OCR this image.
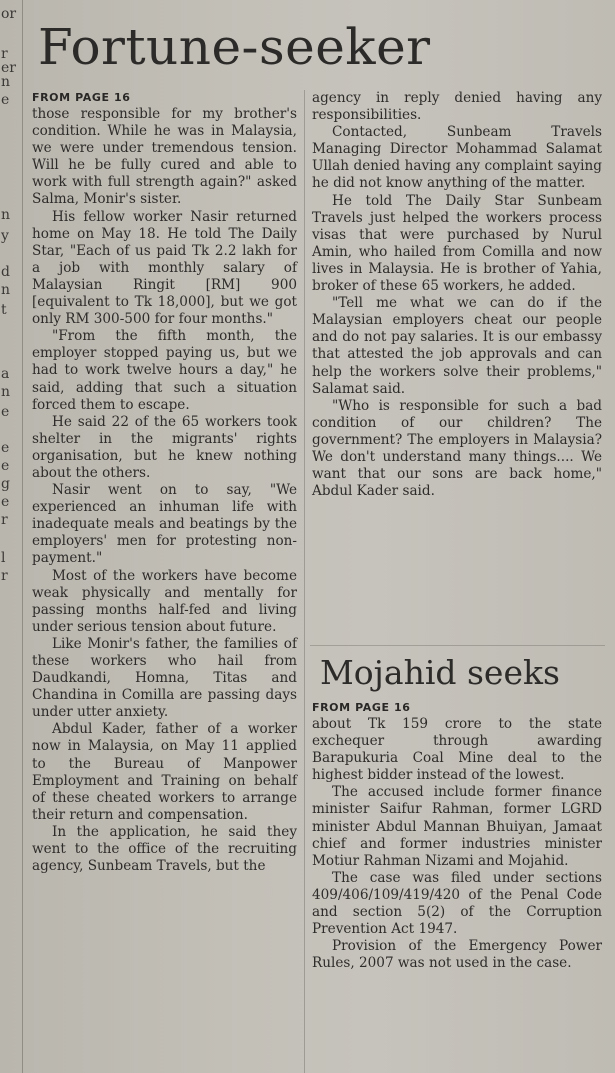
or
r
er
n
e
n
y
d
n
t
a
n
e
e
e
g
e
r
l
r
Fortune-seeker

FROM PAGE 16

those responsible for my brother's condition. While he was in Malaysia, we were under tremendous tension. Will he be fully cured and able to work with full strength again?" asked Salma, Monir's sister.

His fellow worker Nasir returned home on May 18. He told The Daily Star, "Each of us paid Tk 2.2 lakh for a job with monthly salary of Malaysian Ringit [RM] 900 [equivalent to Tk 18,000], but we got only RM 300-500 for four months."

"From the fifth month, the employer stopped paying us, but we had to work twelve hours a day," he said, adding that such a situation forced them to escape.

He said 22 of the 65 workers took shelter in the migrants' rights organisation, but he knew nothing about the others.

Nasir went on to say, "We experienced an inhuman life with inadequate meals and beatings by the employers' men for protesting non-payment."

Most of the workers have become weak physically and mentally for passing months half-fed and living under serious tension about future.

Like Monir's father, the families of these workers who hail from Daudkandi, Homna, Titas and Chandina in Comilla are passing days under utter anxiety.

Abdul Kader, father of a worker now in Malaysia, on May 11 applied to the Bureau of Manpower Employment and Training on behalf of these cheated workers to arrange their return and compensation.

In the application, he said they went to the office of the recruiting agency, Sunbeam Travels, but the

agency in reply denied having any responsibilities.

Contacted, Sunbeam Travels Managing Director Mohammad Salamat Ullah denied having any complaint saying he did not know anything of the matter.

He told The Daily Star Sunbeam Travels just helped the workers process visas that were purchased by Nurul Amin, who hailed from Comilla and now lives in Malaysia. He is brother of Yahia, broker of these 65 workers, he added.

"Tell me what we can do if the Malaysian employers cheat our people and do not pay salaries. It is our embassy that attested the job approvals and can help the workers solve their problems," Salamat said.

"Who is responsible for such a bad condition of our children? The government? The employers in Malaysia? We don't understand many things.... We want that our sons are back home," Abdul Kader said.

Mojahid seeks

FROM PAGE 16

about Tk 159 crore to the state exchequer through awarding Barapukuria Coal Mine deal to the highest bidder instead of the lowest.

The accused include former finance minister Saifur Rahman, former LGRD minister Abdul Mannan Bhuiyan, Jamaat chief and former industries minister Motiur Rahman Nizami and Mojahid.

The case was filed under sections 409/406/109/419/420 of the Penal Code and section 5(2) of the Corruption Prevention Act 1947.

Provision of the Emergency Power Rules, 2007 was not used in the case.
